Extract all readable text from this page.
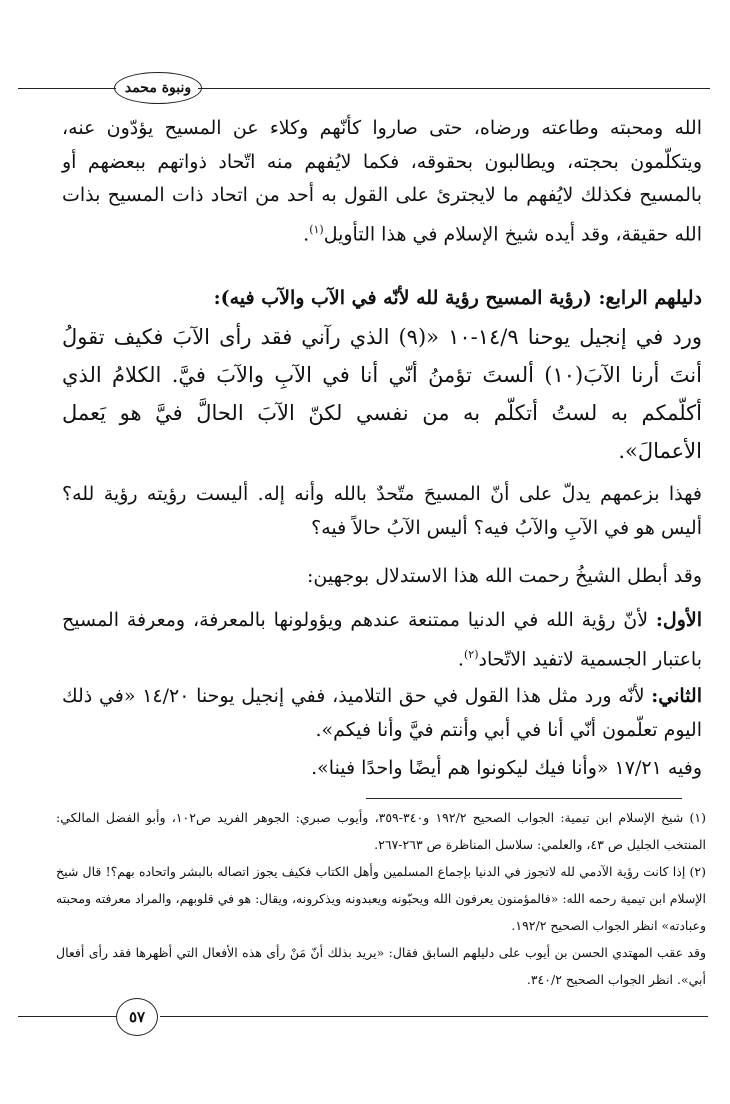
ونبوة محمد

الله ومحبته وطاعته ورضاه، حتى صاروا كأنّهم وكلاء عن المسيح يؤدّون عنه، ويتكلّمون بحجته، ويطالبون بحقوقه، فكما لايُفهم منه اتّحاد ذواتهم ببعضهم أو بالمسيح فكذلك لايُفهم ما لايجترئ على القول به أحد من اتحاد ذات المسيح بذات الله حقيقة، وقد أيده شيخ الإسلام في هذا التأويل$^{(١)}$.

دليلهم الرابع: (رؤية المسيح رؤية لله لأنّه في الآب والآب فيه):

ورد في إنجيل يوحنا ١٤/٩-١٠ «(٩) الذي رآني فقد رأى الآبَ فكيف تقولُ أنتَ أرنا الآبَ(١٠) ألستَ تؤمنُ أنّي أنا في الآبِ والآبَ فيَّ. الكلامُ الذي أكلّمكم به لستُ أتكلّم به من نفسي لكنّ الآبَ الحالَّ فيَّ هو يَعمل الأعمالَ».

فهذا بزعمهم يدلّ على أنّ المسيحَ متّحدٌ بالله وأنه إله. أليست رؤيته رؤية لله؟ أليس هو في الآبِ والآبُ فيه؟ أليس الآبُ حالاً فيه؟

وقد أبطل الشيخُ رحمت الله هذا الاستدلال بوجهين:

الأول: لأنّ رؤية الله في الدنيا ممتنعة عندهم ويؤولونها بالمعرفة، ومعرفة المسيح باعتبار الجسمية لاتفيد الاتّحاد$^{(٢)}$.

الثاني: لأنّه ورد مثل هذا القول في حق التلاميذ، ففي إنجيل يوحنا ١٤/٢٠ «في ذلك اليوم تعلّمون أنّي أنا في أبي وأنتم فيَّ وأنا فيكم».

وفيه ١٧/٢١ «وأنا فيك ليكونوا هم أيضًا واحدًا فينا».

(١) شيخ الإسلام ابن تيمية: الجواب الصحيح ١٩٢/٢ و٣٤٠-٣٥٩، وأيوب صبري: الجوهر الفريد ص١٠٢، وأبو الفضل المالكي: المنتخب الجليل ص ٤٣، والعلمي: سلاسل المناظرة ص ٢٦٣-٢٦٧.

(٢) إذا كانت رؤية الآدمي لله لاتجوز في الدنيا بإجماع المسلمين وأهل الكتاب فكيف يجوز اتصاله بالبشر واتحاده بهم؟! قال شيخ الإسلام ابن تيمية رحمه الله: «فالمؤمنون يعرفون الله ويحبّونه ويعبدونه ويذكرونه، ويقال: هو في قلوبهم، والمراد معرفته ومحبته وعبادته» انظر الجواب الصحيح ١٩٢/٢.

وقد عقب المهتدي الحسن بن أيوب على دليلهم السابق فقال: «يريد بذلك أنّ مَنْ رأى هذه الأفعال التي أظهرها فقد رأى أفعال أبي». انظر الجواب الصحيح ٣٤٠/٢.

٥٧
